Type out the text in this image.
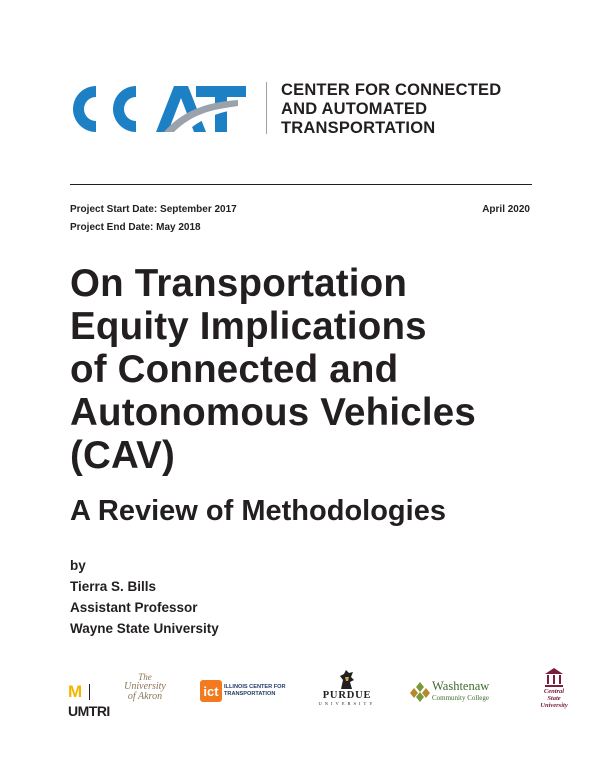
CENTER FOR CONNECTED
AND AUTOMATED
TRANSPORTATION
Project Start Date: September 2017
Project End Date: May 2018
April 2020
On Transportation
Equity Implications
of Connected and
Autonomous Vehicles
(CAV)
A Review of Methodologies
by
Tierra S. Bills
Assistant Professor
Wayne State University
M  UMTRI
The
University
of Akron	ict ILLINOIS CENTER FOR
TRANSPORTATION	PURDUE
UNIVERSITY
Washtenaw
Community College
Central
State
University
